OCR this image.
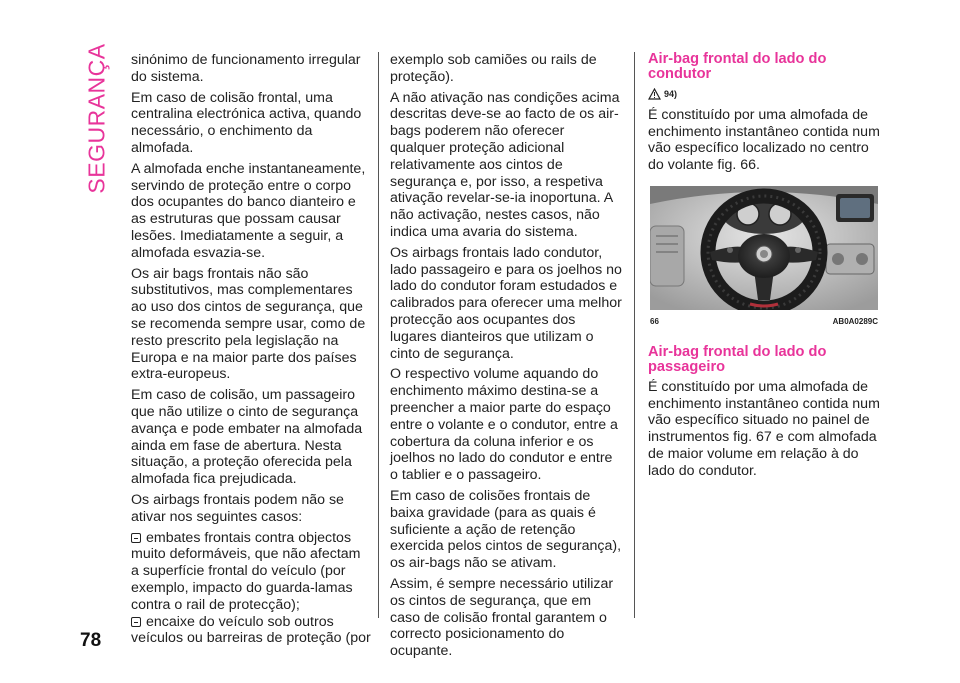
SEGURANÇA sinónimo de funcionamento irregular do sistema.

Em caso de colisão frontal, uma centralina electrónica activa, quando necessário, o enchimento da almofada.

A almofada enche instantaneamente, servindo de proteção entre o corpo dos ocupantes do banco dianteiro e as estruturas que possam causar lesões. Imediatamente a seguir, a almofada esvazia-se.

Os air bags frontais não são substitutivos, mas complementares ao uso dos cintos de segurança, que se recomenda sempre usar, como de resto prescrito pela legislação na Europa e na maior parte dos países extra-europeus.

Em caso de colisão, um passageiro que não utilize o cinto de segurança avança e pode embater na almofada ainda em fase de abertura. Nesta situação, a proteção oferecida pela almofada fica prejudicada.

Os airbags frontais podem não se ativar nos seguintes casos:

embates frontais contra objectos muito deformáveis, que não afectam a superfície frontal do veículo (por exemplo, impacto do guarda-lamas contra o rail de protecção);

encaixe do veículo sob outros veículos ou barreiras de proteção (por

exemplo sob camiões ou rails de proteção).

A não ativação nas condições acima descritas deve-se ao facto de os air-bags poderem não oferecer qualquer proteção adicional relativamente aos cintos de segurança e, por isso, a respetiva ativação revelar-se-ia inoportuna. A não activação, nestes casos, não indica uma avaria do sistema.

Os airbags frontais lado condutor, lado passageiro e para os joelhos no lado do condutor foram estudados e calibrados para oferecer uma melhor protecção aos ocupantes dos lugares dianteiros que utilizam o cinto de segurança.

O respectivo volume aquando do enchimento máximo destina-se a preencher a maior parte do espaço entre o volante e o condutor, entre a cobertura da coluna inferior e os joelhos no lado do condutor e entre o tablier e o passageiro.

Em caso de colisões frontais de baixa gravidade (para as quais é suficiente a ação de retenção exercida pelos cintos de segurança), os air-bags não se ativam.

Assim, é sempre necessário utilizar os cintos de segurança, que em caso de colisão frontal garantem o correcto posicionamento do ocupante.

Air-bag frontal do lado do condutor

94)

É constituído por uma almofada de enchimento instantâneo contida num vão específico localizado no centro do volante fig. 66.

66	AB0A0289C

Air-bag frontal do lado do passageiro

É constituído por uma almofada de enchimento instantâneo contida num vão específico situado no painel de instrumentos fig. 67 e com almofada de maior volume em relação à do lado do condutor.

78
